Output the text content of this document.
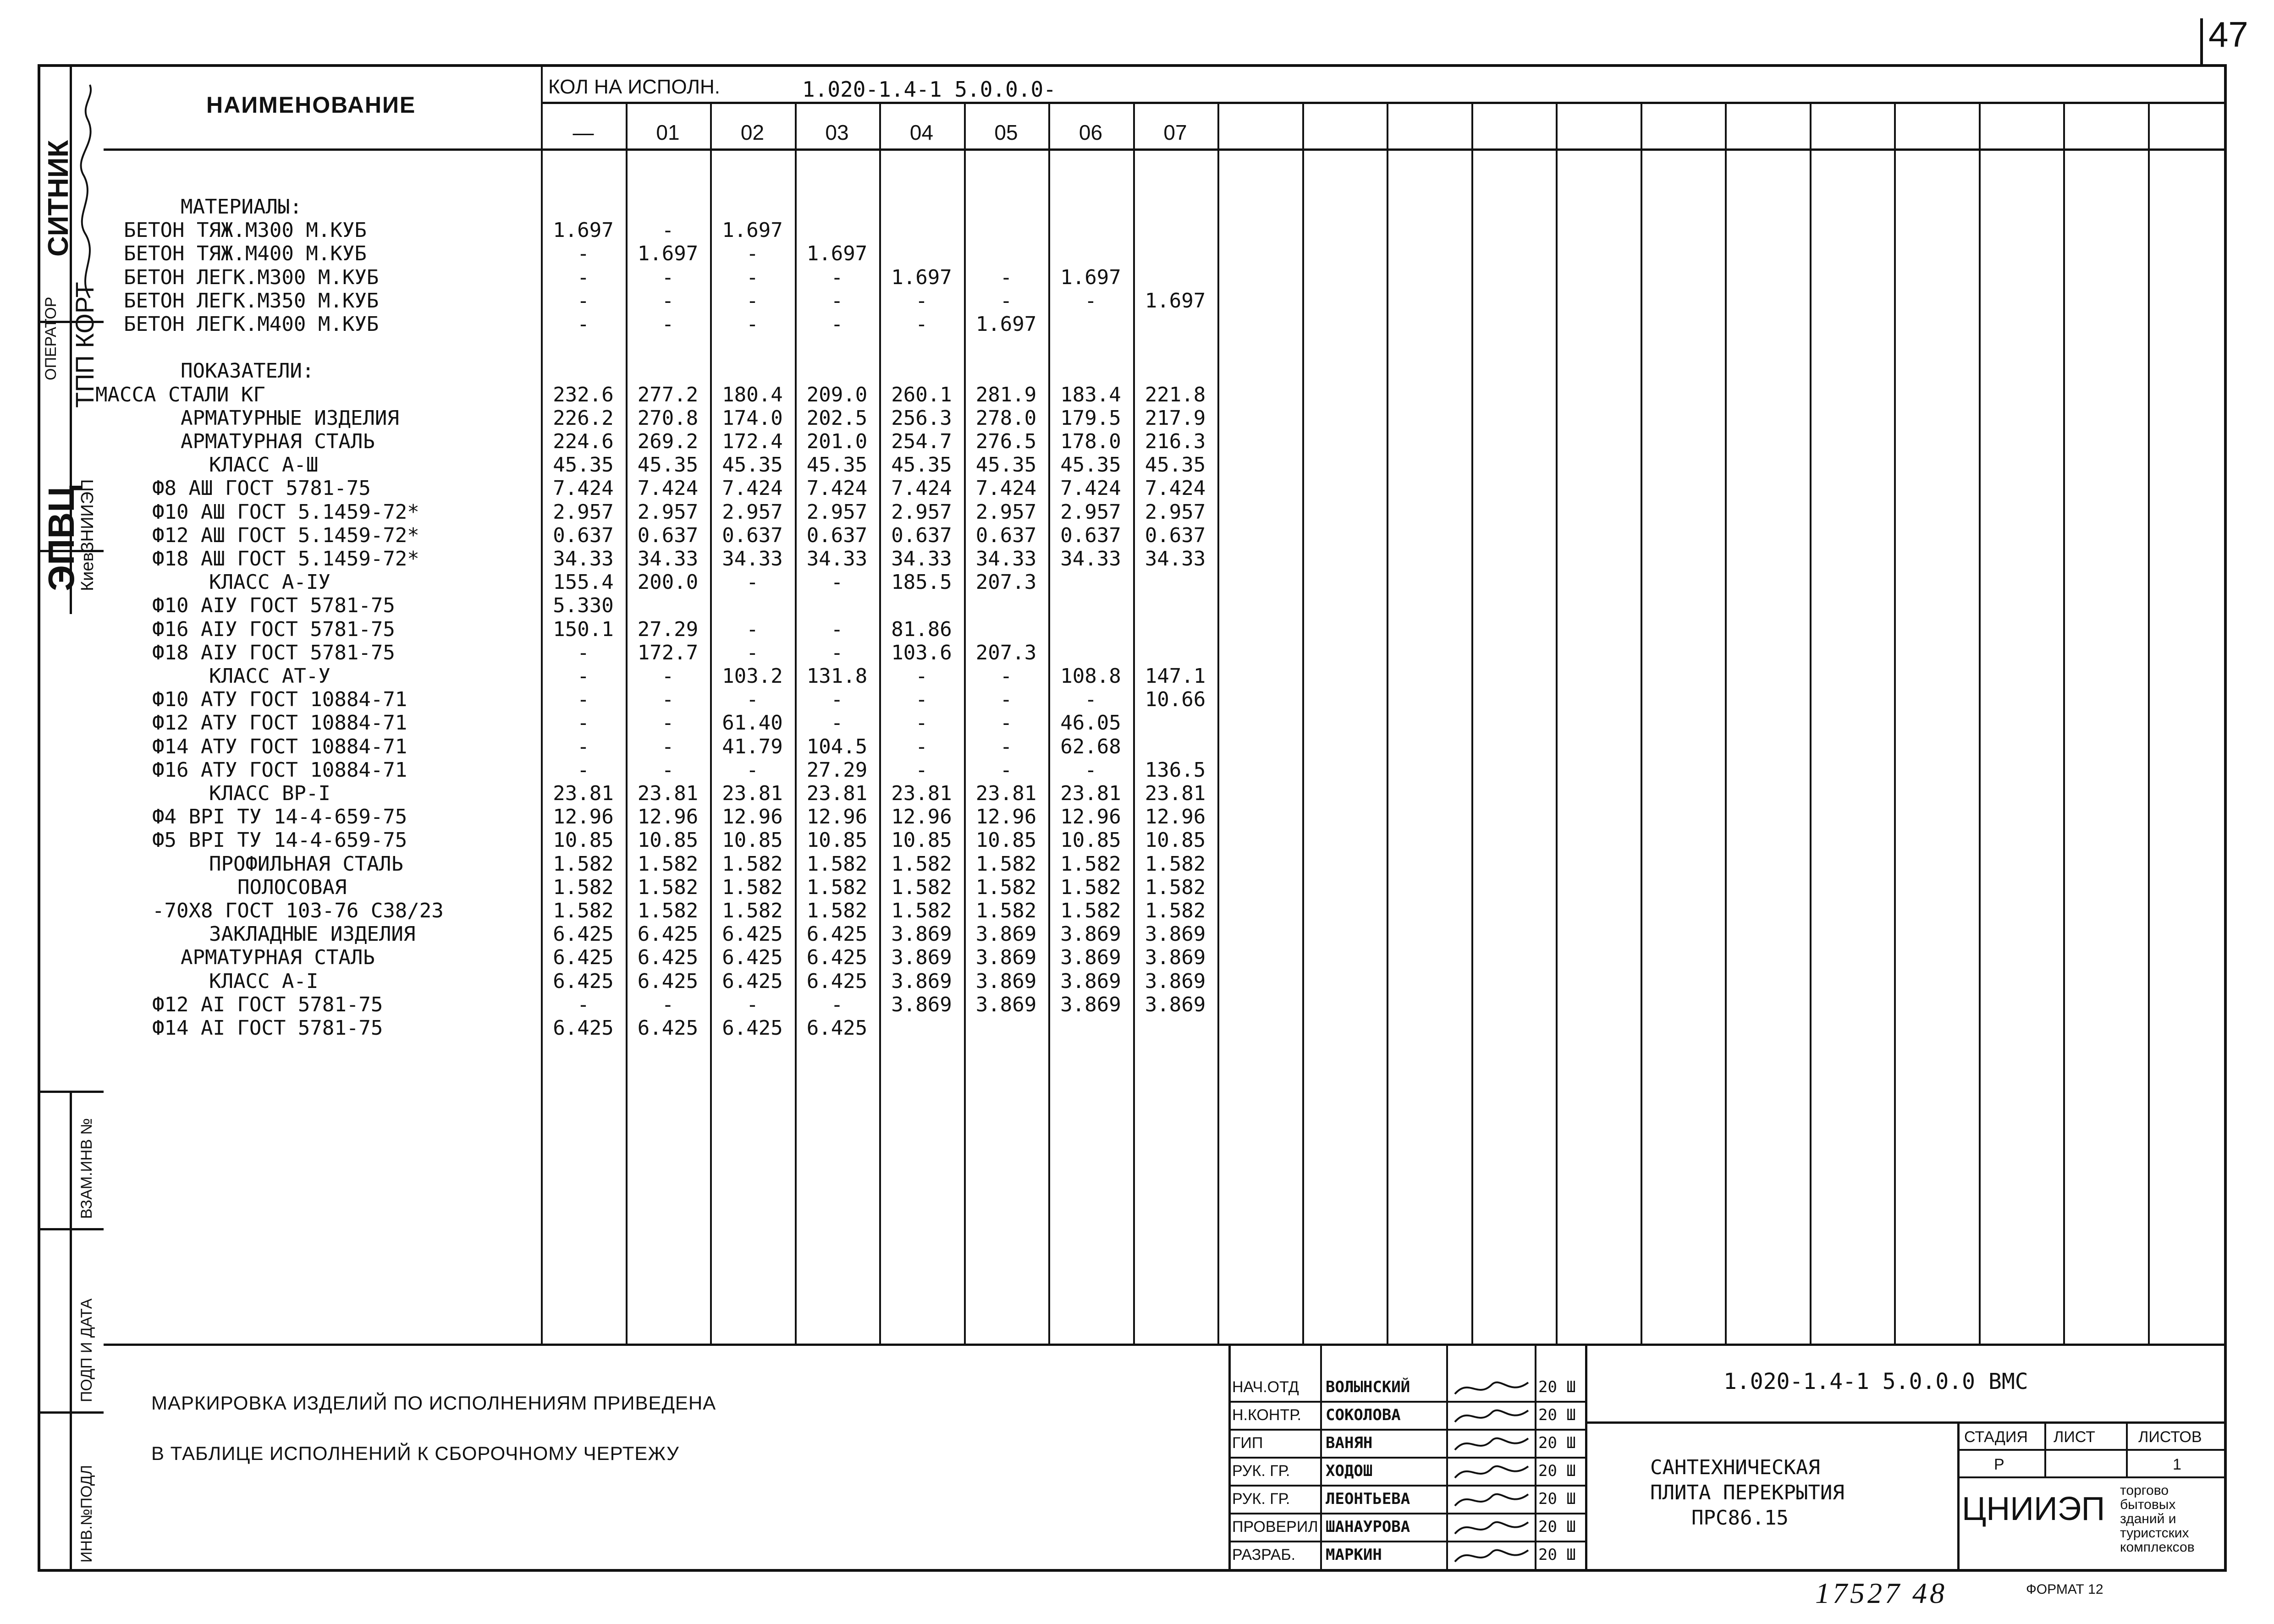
47
СИТНИК
ОПЕРАТОР ТПП КОРТ
ЭПВЦ
КиевЗНИИЭП
ВЗАМ.ИНВ №
ПОДП И ДАТА
ИНВ.№ПОДЛ
НАИМЕНОВАНИЕ
КОЛ НА ИСПОЛН.	1.020-1.4-1 5.0.0.0-
—	01	02	03	04	05	06	07
МАТЕРИАЛЫ:
БЕТОН ТЯЖ.М300 М.КУБ	1.697	-	1.697
БЕТОН ТЯЖ.М400 М.КУБ	-	1.697	-	1.697
БЕТОН ЛЕГК.М300 М.КУБ	-	-	-	-	1.697	-	1.697
БЕТОН ЛЕГК.М350 М.КУБ	-	-	-	-	-	-	-	1.697
БЕТОН ЛЕГК.М400 М.КУБ	-	-	-	-	-	1.697
ПОКАЗАТЕЛИ:
МАССА СТАЛИ КГ	232.6	277.2	180.4	209.0	260.1	281.9	183.4	221.8
АРМАТУРНЫЕ ИЗДЕЛИЯ	226.2	270.8	174.0	202.5	256.3	278.0	179.5	217.9
АРМАТУРНАЯ СТАЛЬ	224.6	269.2	172.4	201.0	254.7	276.5	178.0	216.3
КЛАСС А-Ш	45.35	45.35	45.35	45.35	45.35	45.35	45.35	45.35
Ф8 АШ ГОСТ 5781-75	7.424	7.424	7.424	7.424	7.424	7.424	7.424	7.424
Ф10 АШ ГОСТ 5.1459-72*	2.957	2.957	2.957	2.957	2.957	2.957	2.957	2.957
Ф12 АШ ГОСТ 5.1459-72*	0.637	0.637	0.637	0.637	0.637	0.637	0.637	0.637
Ф18 АШ ГОСТ 5.1459-72*	34.33	34.33	34.33	34.33	34.33	34.33	34.33	34.33
КЛАСС А-IУ	155.4	200.0	-	-	185.5	207.3
Ф10 АIУ ГОСТ 5781-75	5.330
Ф16 АIУ ГОСТ 5781-75	150.1	27.29	-	-	81.86
Ф18 АIУ ГОСТ 5781-75	-	172.7	-	-	103.6	207.3
КЛАСС АТ-У	-	-	103.2	131.8	-	-	108.8	147.1
Ф10 АТУ ГОСТ 10884-71	-	-	-	-	-	-	-	10.66
Ф12 АТУ ГОСТ 10884-71	-	-	61.40	-	-	-	46.05
Ф14 АТУ ГОСТ 10884-71	-	-	41.79	104.5	-	-	62.68
Ф16 АТУ ГОСТ 10884-71	-	-	-	27.29	-	-	-	136.5
КЛАСС ВР-I	23.81	23.81	23.81	23.81	23.81	23.81	23.81	23.81
Ф4 ВРI ТУ 14-4-659-75	12.96	12.96	12.96	12.96	12.96	12.96	12.96	12.96
Ф5 ВРI ТУ 14-4-659-75	10.85	10.85	10.85	10.85	10.85	10.85	10.85	10.85
ПРОФИЛЬНАЯ СТАЛЬ	1.582	1.582	1.582	1.582	1.582	1.582	1.582	1.582
ПОЛОСОВАЯ	1.582	1.582	1.582	1.582	1.582	1.582	1.582	1.582
-70Х8 ГОСТ 103-76 С38/23	1.582	1.582	1.582	1.582	1.582	1.582	1.582	1.582
ЗАКЛАДНЫЕ ИЗДЕЛИЯ	6.425	6.425	6.425	6.425	3.869	3.869	3.869	3.869
АРМАТУРНАЯ СТАЛЬ	6.425	6.425	6.425	6.425	3.869	3.869	3.869	3.869
КЛАСС А-I	6.425	6.425	6.425	6.425	3.869	3.869	3.869	3.869
Ф12 АI ГОСТ 5781-75	-	-	-	-	3.869	3.869	3.869	3.869
Ф14 АI ГОСТ 5781-75	6.425	6.425	6.425	6.425
МАРКИРОВКА ИЗДЕЛИЙ ПО ИСПОЛНЕНИЯМ ПРИВЕДЕНА
В ТАБЛИЦЕ ИСПОЛНЕНИЙ К СБОРОЧНОМУ ЧЕРТЕЖУ
НАЧ.ОТД ВОЛЫНСКИЙ	20 Ш
Н.КОНТР. СОКОЛОВА	20 Ш
ГИП	ВАНЯН	20 Ш
РУК. ГР. ХОДОШ	20 Ш
РУК. ГР. ЛЕОНТЬЕВА	20 Ш
ПРОВЕРИЛ ШАНАУРОВА	20 Ш
РАЗРАБ. МАРКИН	20 Ш
1.020-1.4-1 5.0.0.0 ВМС
САНТЕХНИЧЕСКАЯ
ПЛИТА ПЕРЕКРЫТИЯ
ПРС86.15
СТАДИЯ ЛИСТ	ЛИСТОВ
Р	1
ЦНИИЭП
торгово
бытовых
зданий и
туристских
комплексов
17527 48	ФОРМАТ 12
